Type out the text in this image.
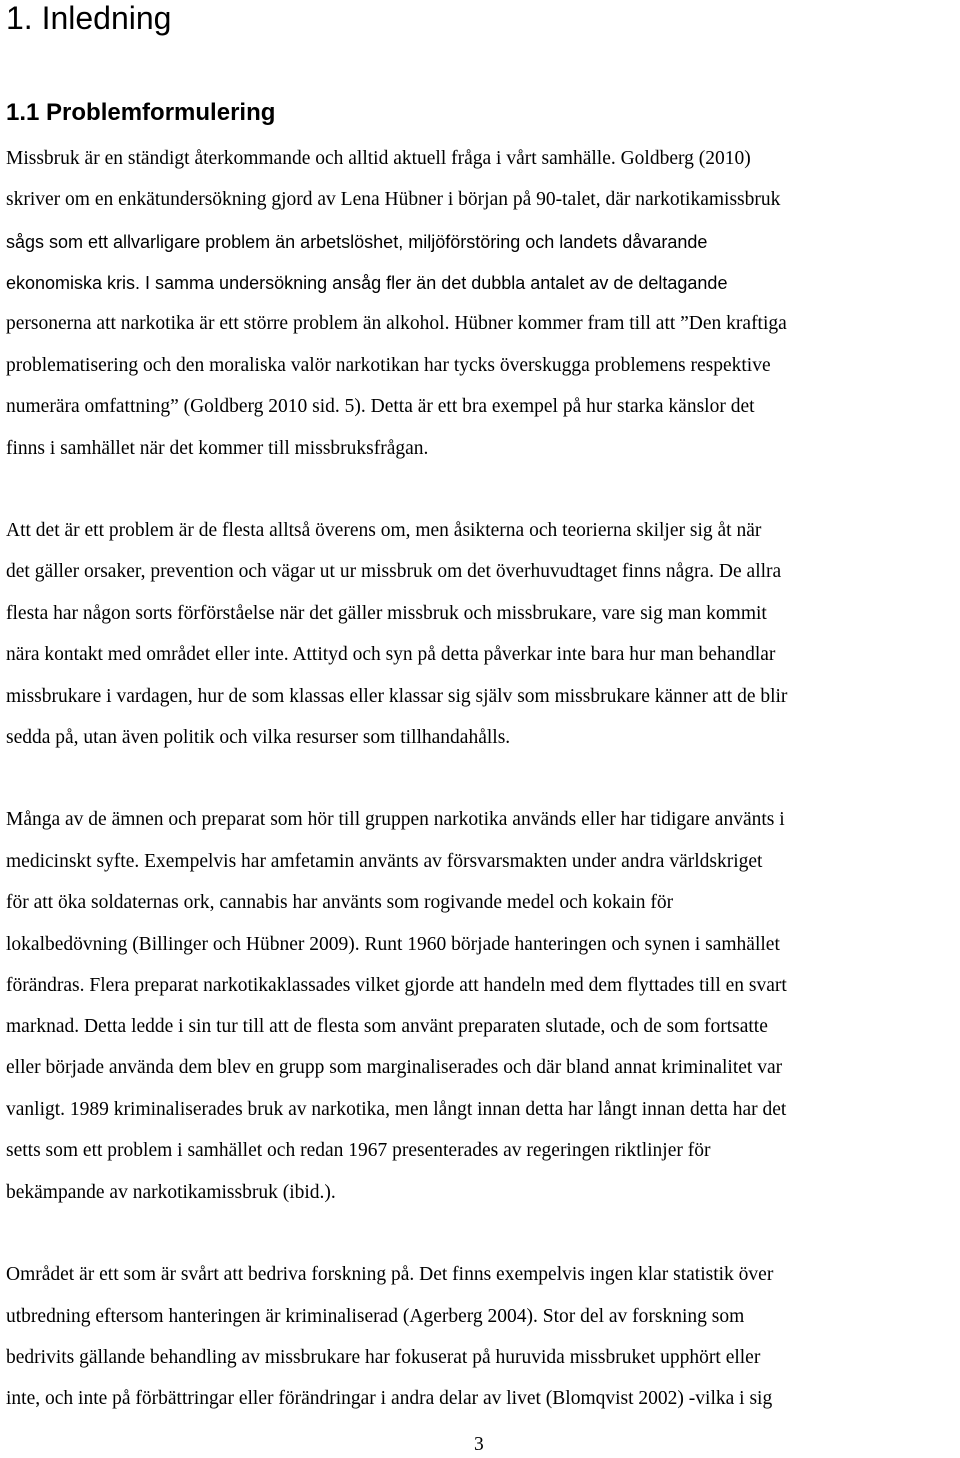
1. Inledning
1.1 Problemformulering

Missbruk är en ständigt återkommande och alltid aktuell fråga i vårt samhälle. Goldberg (2010)

skriver om en enkätundersökning gjord av Lena Hübner i början på 90-talet, där narkotikamissbruk

sågs som ett allvarligare problem än arbetslöshet, miljöförstöring och landets dåvarande

ekonomiska kris. I samma undersökning ansåg fler än det dubbla antalet av de deltagande

personerna att narkotika är ett större problem än alkohol. Hübner kommer fram till att ”Den kraftiga

problematisering och den moraliska valör narkotikan har tycks överskugga problemens respektive

numerära omfattning” (Goldberg 2010 sid. 5). Detta är ett bra exempel på hur starka känslor det

finns i samhället när det kommer till missbruksfrågan.

Att det är ett problem är de flesta alltså överens om, men åsikterna och teorierna skiljer sig åt när

det gäller orsaker, prevention och vägar ut ur missbruk om det överhuvudtaget finns några. De allra

flesta har någon sorts förförståelse när det gäller missbruk och missbrukare, vare sig man kommit

nära kontakt med området eller inte. Attityd och syn på detta påverkar inte bara hur man behandlar

missbrukare i vardagen, hur de som klassas eller klassar sig själv som missbrukare känner att de blir

sedda på, utan även politik och vilka resurser som tillhandahålls.

Många av de ämnen och preparat som hör till gruppen narkotika används eller har tidigare använts i

medicinskt syfte. Exempelvis har amfetamin använts av försvarsmakten under andra världskriget

för att öka soldaternas ork, cannabis har använts som rogivande medel och kokain för

lokalbedövning (Billinger och Hübner 2009). Runt 1960 började hanteringen och synen i samhället

förändras. Flera preparat narkotikaklassades vilket gjorde att handeln med dem flyttades till en svart

marknad. Detta ledde i sin tur till att de flesta som använt preparaten slutade, och de som fortsatte

eller började använda dem blev en grupp som marginaliserades och där bland annat kriminalitet var

vanligt. 1989 kriminaliserades bruk av narkotika, men långt innan detta har långt innan detta har det

setts som ett problem i samhället och redan 1967 presenterades av regeringen riktlinjer för

bekämpande av narkotikamissbruk (ibid.).

Området är ett som är svårt att bedriva forskning på. Det finns exempelvis ingen klar statistik över

utbredning eftersom hanteringen är kriminaliserad (Agerberg 2004). Stor del av forskning som

bedrivits gällande behandling av missbrukare har fokuserat på huruvida missbruket upphört eller

inte, och inte på förbättringar eller förändringar i andra delar av livet (Blomqvist 2002) -vilka i sig

3
